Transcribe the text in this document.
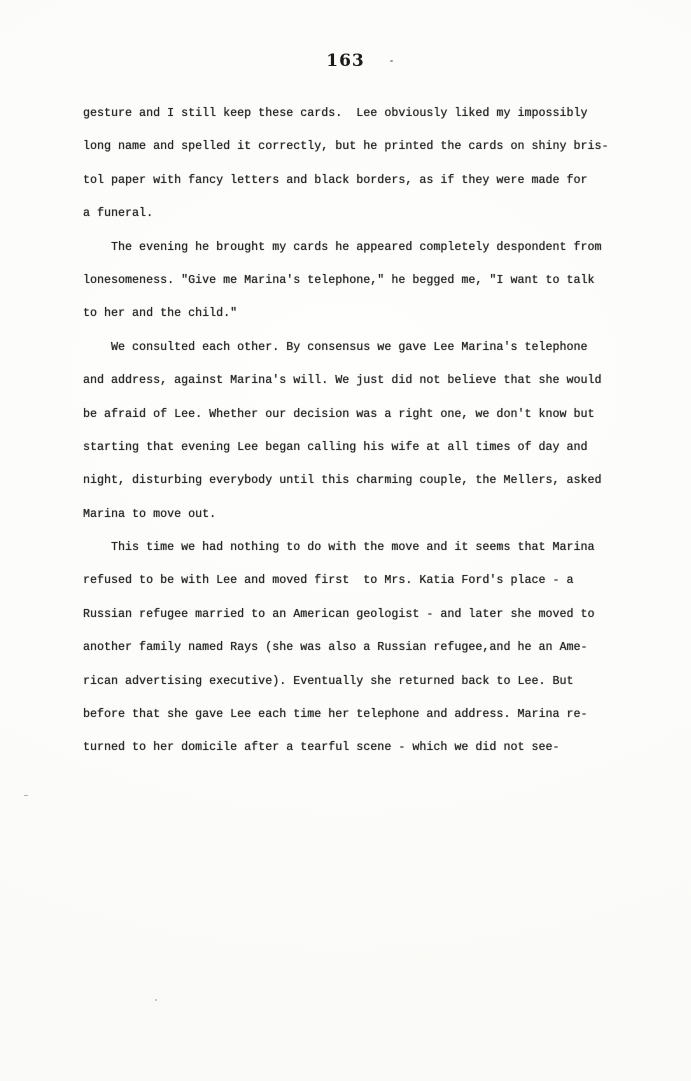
163
gesture and I still keep these cards.  Lee obviously liked my impossibly
long name and spelled it correctly, but he printed the cards on shiny bris-
tol paper with fancy letters and black borders, as if they were made for
a funeral.
The evening he brought my cards he appeared completely despondent from
lonesomeness. "Give me Marina's telephone," he begged me, "I want to talk
to her and the child."
We consulted each other. By consensus we gave Lee Marina's telephone
and address, against Marina's will. We just did not believe that she would
be afraid of Lee. Whether our decision was a right one, we don't know but
starting that evening Lee began calling his wife at all times of day and
night, disturbing everybody until this charming couple, the Mellers, asked
Marina to move out.
This time we had nothing to do with the move and it seems that Marina
refused to be with Lee and moved first  to Mrs. Katia Ford's place - a
Russian refugee married to an American geologist - and later she moved to
another family named Rays (she was also a Russian refugee,and he an Ame-
rican advertising executive). Eventually she returned back to Lee. But
before that she gave Lee each time her telephone and address. Marina re-
turned to her domicile after a tearful scene - which we did not see-
